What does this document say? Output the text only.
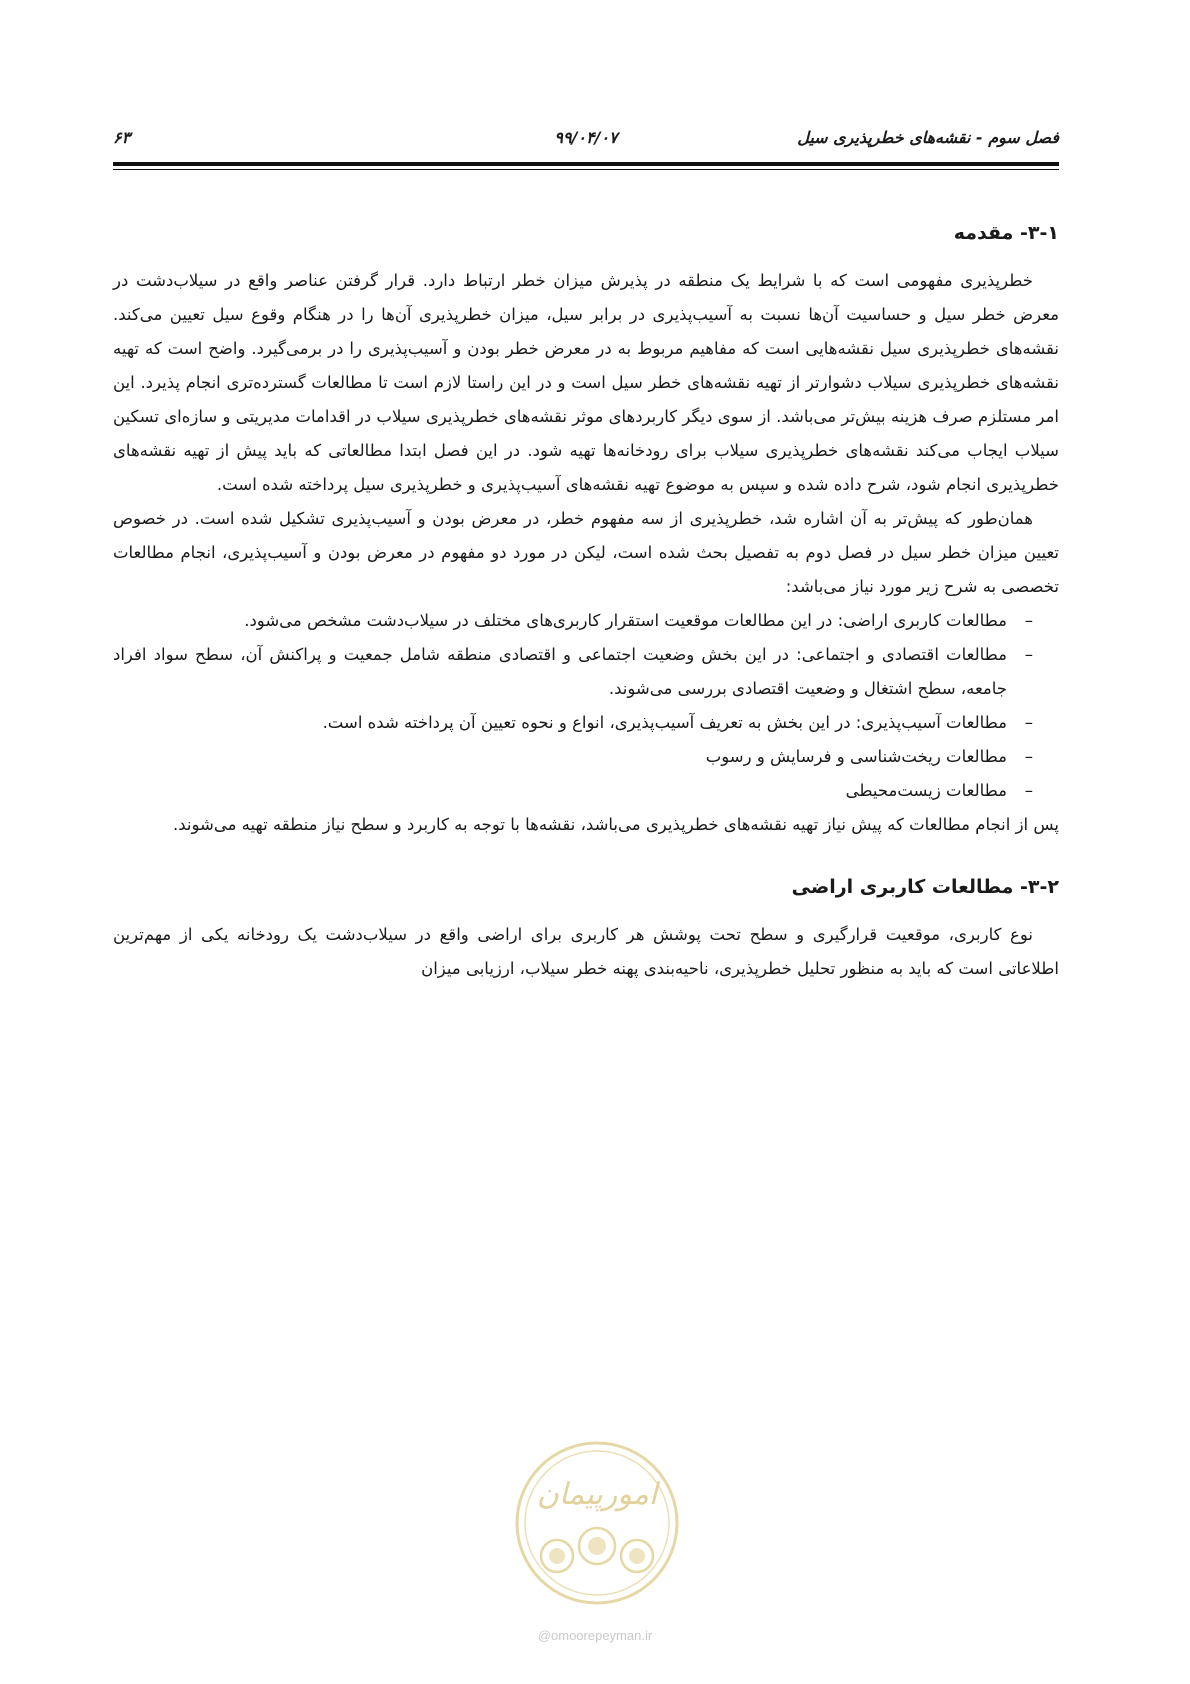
فصل سوم - نقشه‌های خطرپذیری سیل
۹۹/۰۴/۰۷
۶۳
۳-۱- مقدمه

خطرپذیری مفهومی است که با شرایط یک منطقه در پذیرش میزان خطر ارتباط دارد. قرار گرفتن عناصر واقع در سیلاب‌دشت در معرض خطر سیل و حساسیت آن‌ها نسبت به آسیب‌پذیری در برابر سیل، میزان خطرپذیری آن‌ها را در هنگام وقوع سیل تعیین می‌کند. نقشه‌های خطرپذیری سیل نقشه‌هایی است که مفاهیم مربوط به در معرض خطر بودن و آسیب‌پذیری را در برمی‌گیرد. واضح است که تهیه نقشه‌های خطرپذیری سیلاب دشوارتر از تهیه نقشه‌های خطر سیل است و در این راستا لازم است تا مطالعات گسترده‌تری انجام پذیرد. این امر مستلزم صرف هزینه بیش‌تر می‌باشد. از سوی دیگر کاربردهای موثر نقشه‌های خطرپذیری سیلاب در اقدامات مدیریتی و سازه‌ای تسکین سیلاب ایجاب می‌کند نقشه‌های خطرپذیری سیلاب برای رودخانه‌ها تهیه شود. در این فصل ابتدا مطالعاتی که باید پیش از تهیه نقشه‌های خطرپذیری انجام شود، شرح داده شده و سپس به موضوع تهیه نقشه‌های آسیب‌پذیری و خطرپذیری سیل پرداخته شده است.

همان‌طور که پیش‌تر به آن اشاره شد، خطرپذیری از سه مفهوم خطر، در معرض بودن و آسیب‌پذیری تشکیل شده است. در خصوص تعیین میزان خطر سیل در فصل دوم به تفصیل بحث شده است، لیکن در مورد دو مفهوم در معرض بودن و آسیب‌پذیری، انجام مطالعات تخصصی به شرح زیر مورد نیاز می‌باشد:

– مطالعات کاربری اراضی: در این مطالعات موقعیت استقرار کاربری‌های مختلف در سیلاب‌دشت مشخص می‌شود.
– مطالعات اقتصادی و اجتماعی: در این بخش وضعیت اجتماعی و اقتصادی منطقه شامل جمعیت و پراکنش آن، سطح سواد افراد جامعه، سطح اشتغال و وضعیت اقتصادی بررسی می‌شوند.
– مطالعات آسیب‌پذیری: در این بخش به تعریف آسیب‌پذیری، انواع و نحوه تعیین آن پرداخته شده است.
– مطالعات ریخت‌شناسی و فرسایش و رسوب
– مطالعات زیست‌محیطی

پس از انجام مطالعات که پیش نیاز تهیه نقشه‌های خطرپذیری می‌باشد، نقشه‌ها با توجه به کاربرد و سطح نیاز منطقه تهیه می‌شوند.

۳-۲- مطالعات کاربری اراضی

نوع کاربری، موقعیت قرارگیری و سطح تحت پوشش هر کاربری برای اراضی واقع در سیلاب‌دشت یک رودخانه یکی از مهم‌ترین اطلاعاتی است که باید به منظور تحلیل خطرپذیری، ناحیه‌بندی پهنه خطر سیلاب، ارزیابی میزان

امورپیمان
@omoorepeyman.ir
